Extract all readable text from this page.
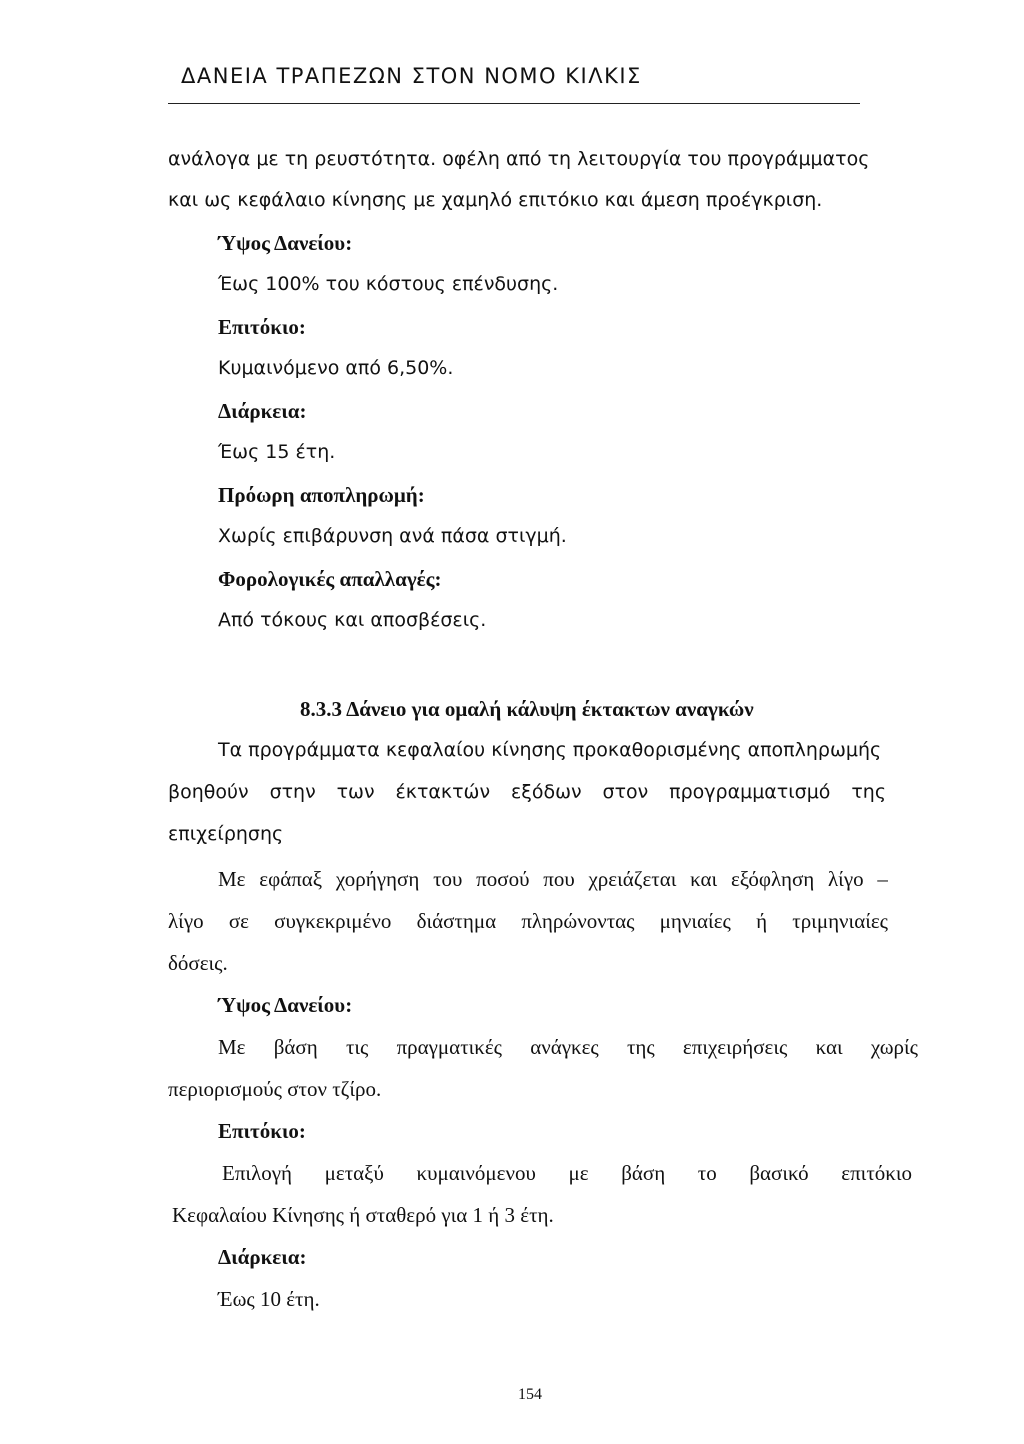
ΔΑΝΕΙΑ ΤΡΑΠΕΖΩΝ ΣΤΟΝ ΝΟΜΟ ΚΙΛΚΙΣ
ανάλογα με τη ρευστότητα. οφέλη από τη λειτουργία του προγράμματος
και ως κεφάλαιο κίνησης με χαμηλό επιτόκιο και άμεση προέγκριση.
Ύψος Δανείου:
Έως 100% του κόστους επένδυσης.
Επιτόκιο:
Κυμαινόμενο από 6,50%.
Διάρκεια:
Έως 15 έτη.
Πρόωρη αποπληρωμή:
Χωρίς επιβάρυνση ανά πάσα στιγμή.
Φορολογικές απαλλαγές:
Από τόκους και αποσβέσεις.
8.3.3 Δάνειο για ομαλή κάλυψη έκτακτων αναγκών
Τα προγράμματα κεφαλαίου κίνησης προκαθορισμένης αποπληρωμής
βοηθούν στην των έκτακτών εξόδων στον προγραμματισμό της
επιχείρησης
Με εφάπαξ χορήγηση του ποσού που χρειάζεται και εξόφληση λίγο –
λίγο σε συγκεκριμένο διάστημα πληρώνοντας μηνιαίες ή τριμηνιαίες
δόσεις.
Ύψος Δανείου:
Με βάση τις πραγματικές ανάγκες της επιχειρήσεις και χωρίς
περιορισμούς στον τζίρο.
Επιτόκιο:
Επιλογή μεταξύ κυμαινόμενου με βάση το βασικό επιτόκιο
Κεφαλαίου Κίνησης ή σταθερό για 1 ή 3 έτη.
Διάρκεια:
Έως 10 έτη.
154
